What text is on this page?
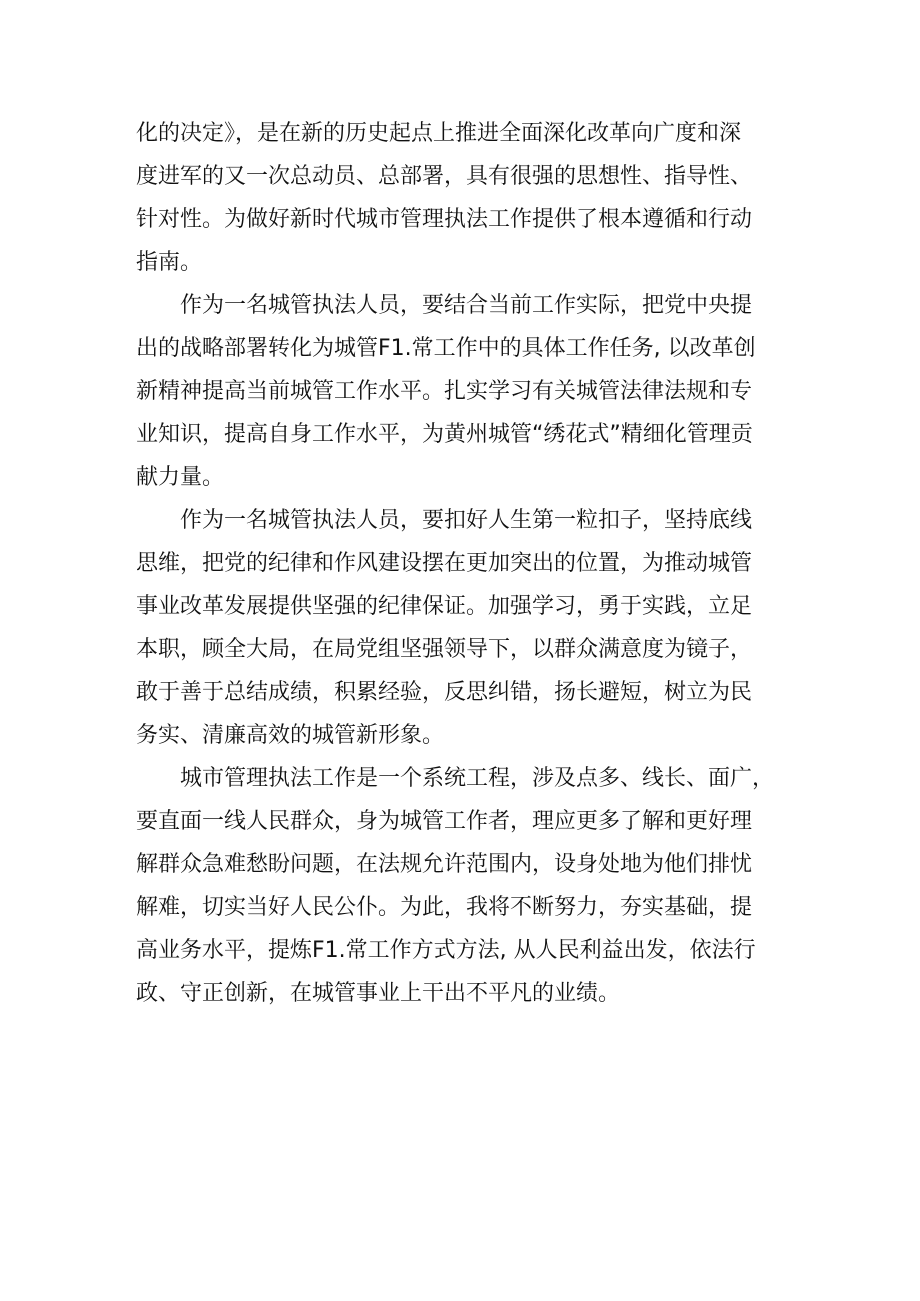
化的决定》，是在新的历史起点上推进全面深化改革向广度和深
度进军的又一次总动员、总部署，具有很强的思想性、指导性、
针对性。为做好新时代城市管理执法工作提供了根本遵循和行动
指南。

作为一名城管执法人员，要结合当前工作实际，把党中央提
出的战略部署转化为城管F1.常工作中的具体工作任务, 以改革创
新精神提高当前城管工作水平。扎实学习有关城管法律法规和专
业知识，提高自身工作水平，为黄州城管“绣花式”精细化管理贡
献力量。

作为一名城管执法人员，要扣好人生第一粒扣子，坚持底线
思维，把党的纪律和作风建设摆在更加突出的位置，为推动城管
事业改革发展提供坚强的纪律保证。加强学习，勇于实践，立足
本职，顾全大局，在局党组坚强领导下，以群众满意度为镜子，
敢于善于总结成绩，积累经验，反思纠错，扬长避短，树立为民
务实、清廉高效的城管新形象。

城市管理执法工作是一个系统工程，涉及点多、线长、面广，
要直面一线人民群众，身为城管工作者，理应更多了解和更好理
解群众急难愁盼问题，在法规允许范围内，设身处地为他们排忧
解难，切实当好人民公仆。为此，我将不断努力，夯实基础，提
高业务水平，提炼F1.常工作方式方法, 从人民利益出发，依法行
政、守正创新，在城管事业上干出不平凡的业绩。
